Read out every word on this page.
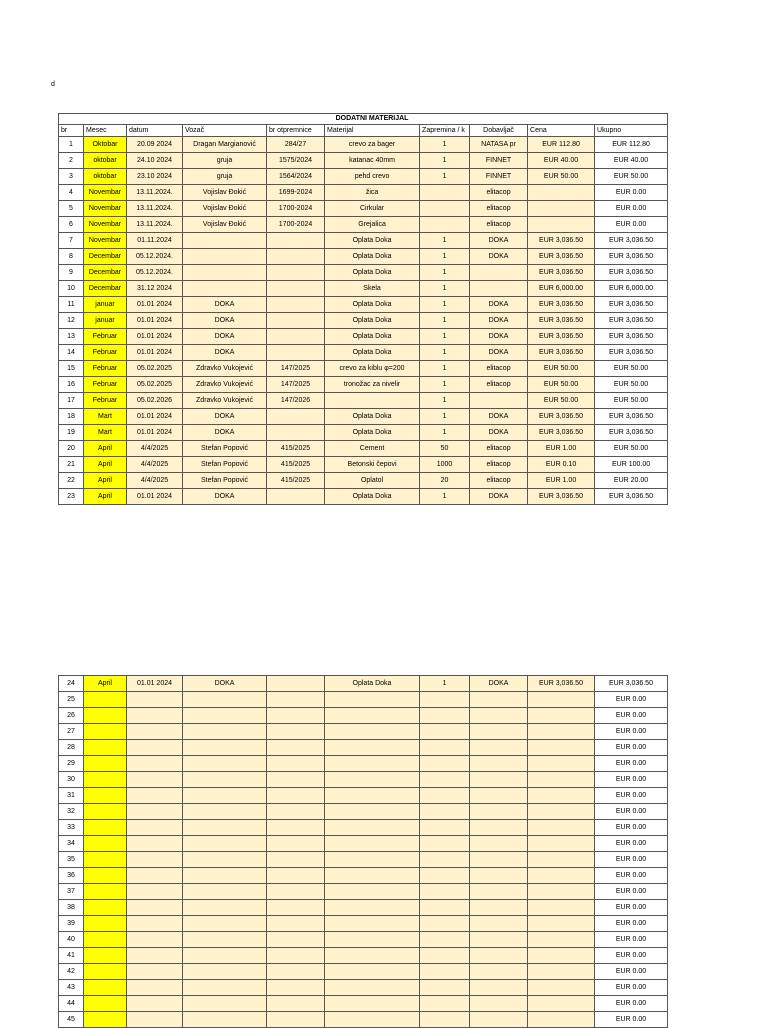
d
					DODATNI MATERIJAL				
br	Mesec	datum	Vozač	br otpremnice	Materijal	Zapremina / k	Dobavljač	Cena	Ukupno
1	Oktobar	20.09 2024	Dragan Margianović	284/27	crevo za bager	1	NATASA pr	EUR 112.80	EUR 112.80
2	oktobar	24.10 2024	gruja	1575/2024	katanac 40mm	1	FINNET	EUR 40.00	EUR 40.00
3	oktobar	23.10 2024	gruja	1564/2024	pehd crevo	1	FINNET	EUR 50.00	EUR 50.00
4	Novembar	13.11.2024.	Vojislav Đokić	1699-2024	žica		elitacop		EUR 0.00
5	Novembar	13.11.2024.	Vojislav Đokić	1700-2024	Cirkular		elitacop		EUR 0.00
6	Novembar	13.11.2024.	Vojislav Đokić	1700-2024	Grejalica		elitacop		EUR 0.00
7	Novembar	01.11.2024			Oplata Doka	1	DOKA	EUR 3,036.50	EUR 3,036.50
8	Decembar	05.12.2024.			Oplata Doka	1	DOKA	EUR 3,036.50	EUR 3,036.50
9	Decembar	05.12.2024.			Oplata Doka	1		EUR 3,036.50	EUR 3,036.50
10	Decembar	31.12 2024			Skela	1		EUR 6,000.00	EUR 6,000.00
11	januar	01.01 2024	DOKA		Oplata Doka	1	DOKA	EUR 3,036.50	EUR 3,036.50
12	januar	01.01 2024	DOKA		Oplata Doka	1	DOKA	EUR 3,036.50	EUR 3,036.50
13	Februar	01.01 2024	DOKA		Oplata Doka	1	DOKA	EUR 3,036.50	EUR 3,036.50
14	Februar	01.01 2024	DOKA		Oplata Doka	1	DOKA	EUR 3,036.50	EUR 3,036.50
15	Februar	05.02.2025	Zdravko Vukojević	147/2025	crevo za kiblu φ=200	1	elitacop	EUR 50.00	EUR 50.00
16	Februar	05.02.2025	Zdravko Vukojević	147/2025	tronožac za nivelir	1	elitacop	EUR 50.00	EUR 50.00
17	Februar	05.02.2026	Zdravko Vukojević	147/2026		1		EUR 50.00	EUR 50.00
18	Mart	01.01 2024	DOKA		Oplata Doka	1	DOKA	EUR 3,036.50	EUR 3,036.50
19	Mart	01.01 2024	DOKA		Oplata Doka	1	DOKA	EUR 3,036.50	EUR 3,036.50
20	April	4/4/2025	Stefan Popović	415/2025	Cement	50	elitacop	EUR 1.00	EUR 50.00
21	April	4/4/2025	Stefan Popović	415/2025	Betonski čepovi	1000	elitacop	EUR 0.10	EUR 100.00
22	April	4/4/2025	Stefan Popović	415/2025	Oplatol	20	elitacop	EUR 1.00	EUR 20.00
23	April	01.01 2024	DOKA		Oplata Doka	1	DOKA	EUR 3,036.50	EUR 3,036.50
24	April	01.01 2024	DOKA		Oplata Doka	1	DOKA	EUR 3,036.50	EUR 3,036.50
25									EUR 0.00
26									EUR 0.00
27									EUR 0.00
28									EUR 0.00
29									EUR 0.00
30									EUR 0.00
31									EUR 0.00
32									EUR 0.00
33									EUR 0.00
34									EUR 0.00
35									EUR 0.00
36									EUR 0.00
37									EUR 0.00
38									EUR 0.00
39									EUR 0.00
40									EUR 0.00
41									EUR 0.00
42									EUR 0.00
43									EUR 0.00
44									EUR 0.00
45									EUR 0.00
